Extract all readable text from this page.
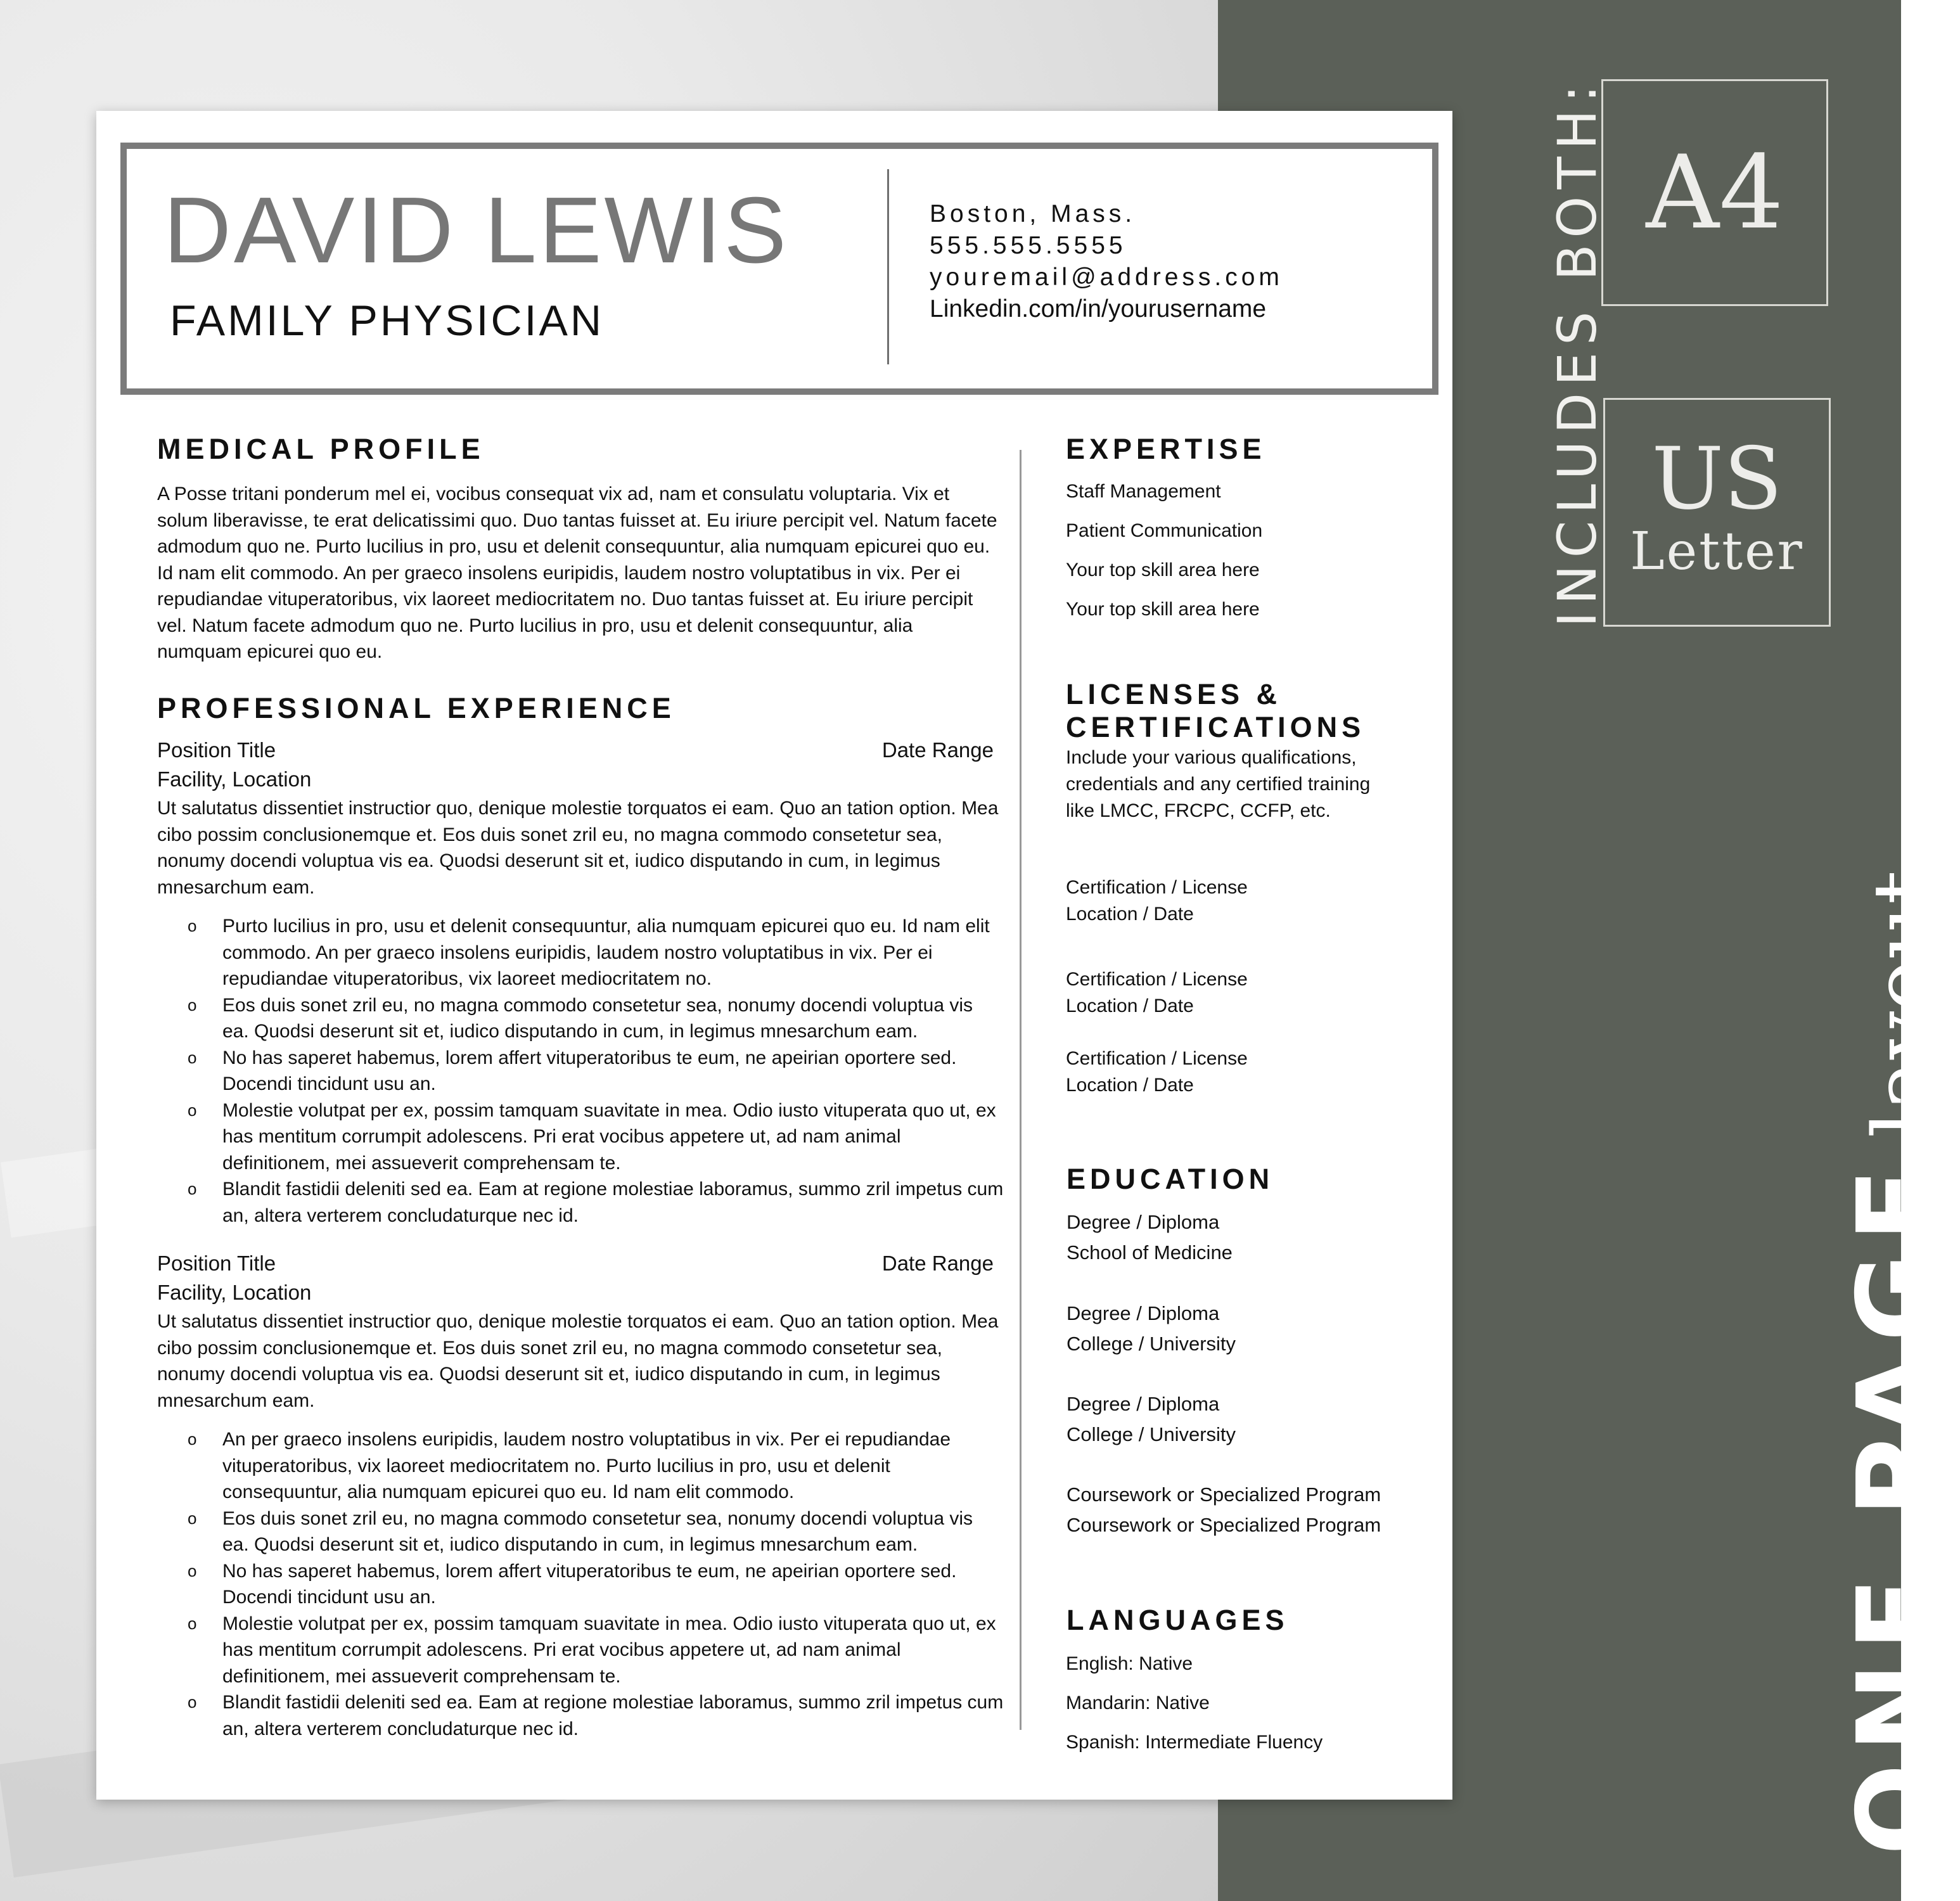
DAVID LEWIS
FAMILY PHYSICIAN
Boston, Mass.
555.555.5555
youremail@address.com
Linkedin.com/in/yourusername
MEDICAL PROFILE
A Posse tritani ponderum mel ei, vocibus consequat vix ad, nam et consulatu voluptaria. Vix et solum liberavisse, te erat delicatissimi quo. Duo tantas fuisset at. Eu iriure percipit vel. Natum facete admodum quo ne. Purto lucilius in pro, usu et delenit consequuntur, alia numquam epicurei quo eu. Id nam elit commodo. An per graeco insolens euripidis, laudem nostro voluptatibus in vix. Per ei repudiandae vituperatoribus, vix laoreet mediocritatem no. Duo tantas fuisset at. Eu iriure percipit vel. Natum facete admodum quo ne. Purto lucilius in pro, usu et delenit consequuntur, alia numquam epicurei quo eu.
PROFESSIONAL EXPERIENCE
Position Title	Date Range
Facility, Location
Ut salutatus dissentiet instructior quo, denique molestie torquatos ei eam. Quo an tation option. Mea cibo possim conclusionemque et. Eos duis sonet zril eu, no magna commodo consetetur sea, nonumy docendi voluptua vis ea. Quodsi deserunt sit et, iudico disputando in cum, in legimus mnesarchum eam.
o Purto lucilius in pro, usu et delenit consequuntur, alia numquam epicurei quo eu. Id nam elit commodo. An per graeco insolens euripidis, laudem nostro voluptatibus in vix. Per ei repudiandae vituperatoribus, vix laoreet mediocritatem no.
o Eos duis sonet zril eu, no magna commodo consetetur sea, nonumy docendi voluptua vis ea. Quodsi deserunt sit et, iudico disputando in cum, in legimus mnesarchum eam.
o No has saperet habemus, lorem affert vituperatoribus te eum, ne apeirian oportere sed. Docendi tincidunt usu an.
o Molestie volutpat per ex, possim tamquam suavitate in mea. Odio iusto vituperata quo ut, ex has mentitum corrumpit adolescens. Pri erat vocibus appetere ut, ad nam animal definitionem, mei assueverit comprehensam te.
o Blandit fastidii deleniti sed ea. Eam at regione molestiae laboramus, summo zril impetus cum an, altera verterem concludaturque nec id.
Position Title	Date Range
Facility, Location
Ut salutatus dissentiet instructior quo, denique molestie torquatos ei eam. Quo an tation option. Mea cibo possim conclusionemque et. Eos duis sonet zril eu, no magna commodo consetetur sea, nonumy docendi voluptua vis ea. Quodsi deserunt sit et, iudico disputando in cum, in legimus mnesarchum eam.
o An per graeco insolens euripidis, laudem nostro voluptatibus in vix. Per ei repudiandae vituperatoribus, vix laoreet mediocritatem no. Purto lucilius in pro, usu et delenit consequuntur, alia numquam epicurei quo eu. Id nam elit commodo.
o Eos duis sonet zril eu, no magna commodo consetetur sea, nonumy docendi voluptua vis ea. Quodsi deserunt sit et, iudico disputando in cum, in legimus mnesarchum eam.
o No has saperet habemus, lorem affert vituperatoribus te eum, ne apeirian oportere sed. Docendi tincidunt usu an.
o Molestie volutpat per ex, possim tamquam suavitate in mea. Odio iusto vituperata quo ut, ex has mentitum corrumpit adolescens. Pri erat vocibus appetere ut, ad nam animal definitionem, mei assueverit comprehensam te.
o Blandit fastidii deleniti sed ea. Eam at regione molestiae laboramus, summo zril impetus cum an, altera verterem concludaturque nec id.
EXPERTISE
Staff Management
Patient Communication
Your top skill area here
Your top skill area here
LICENSES &
CERTIFICATIONS
Include your various qualifications,
credentials and any certified training
like LMCC, FRCPC, CCFP, etc.
Certification / License
Location / Date
Certification / License
Location / Date
Certification / License
Location / Date
EDUCATION
Degree / Diploma
School of Medicine
Degree / Diploma
College / University
Degree / Diploma
College / University
Coursework or Specialized Program
Coursework or Specialized Program
LANGUAGES
English: Native
Mandarin: Native
Spanish: Intermediate Fluency
INCLUDES BOTH: A4
US
Letter
ONE PAGElayout
